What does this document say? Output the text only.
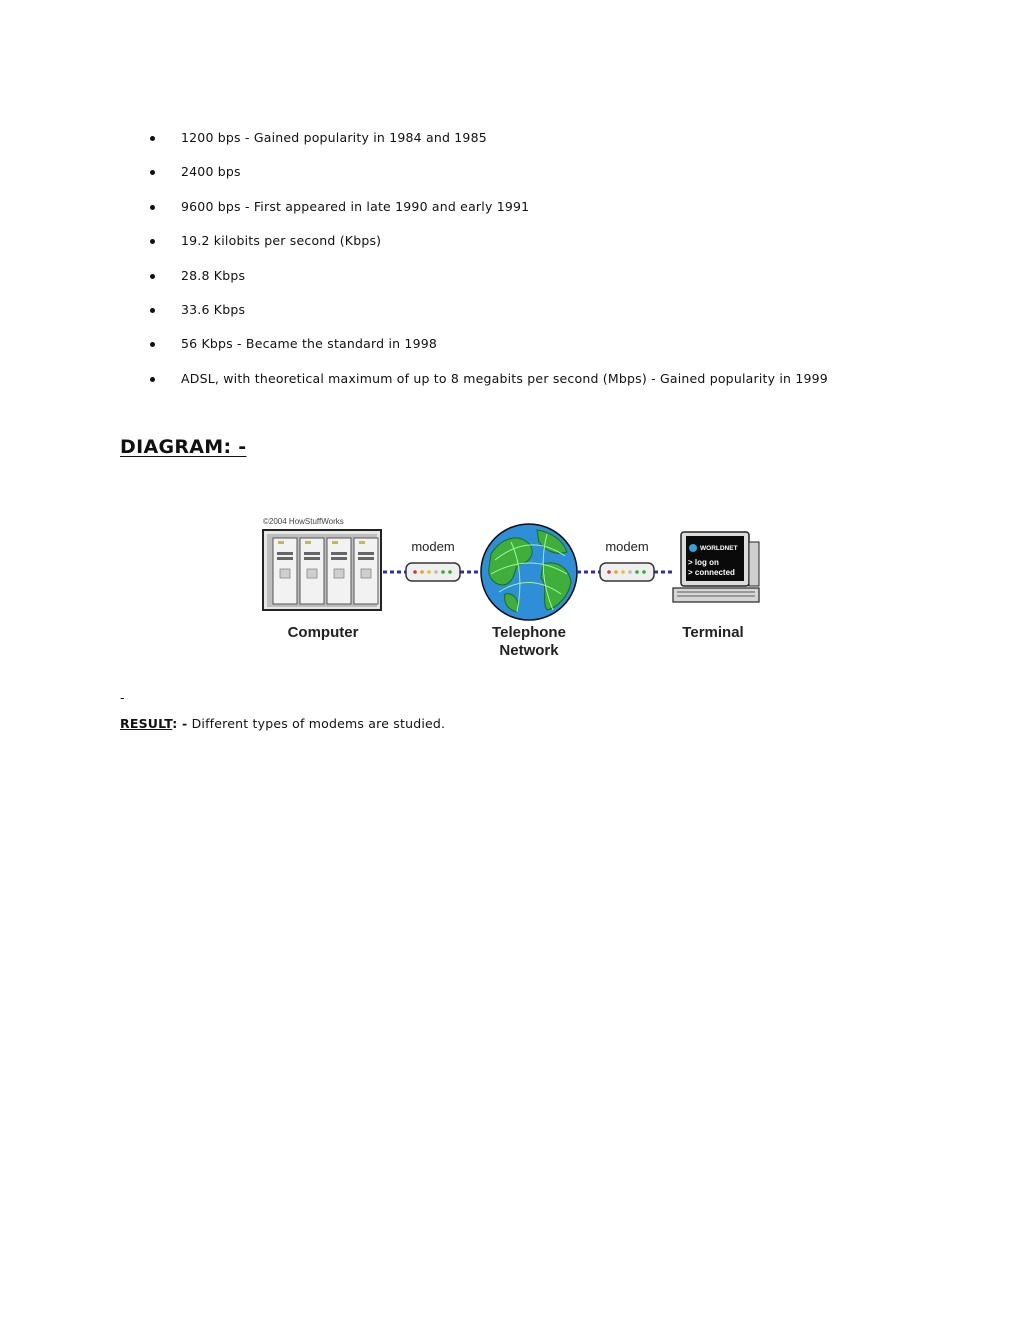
1200 bps - Gained popularity in 1984 and 1985
2400 bps
9600 bps - First appeared in late 1990 and early 1991
19.2 kilobits per second (Kbps)
28.8 Kbps
33.6 Kbps
56 Kbps - Became the standard in 1998
ADSL, with theoretical maximum of up to 8 megabits per second (Mbps) - Gained popularity in 1999
DIAGRAM: -
©2004 HowStuffWorks
Computer
modem
Telephone
Network
modem	WORLDNET
> log on
> connected
Terminal
-
RESULT: - Different types of modems are studied.
